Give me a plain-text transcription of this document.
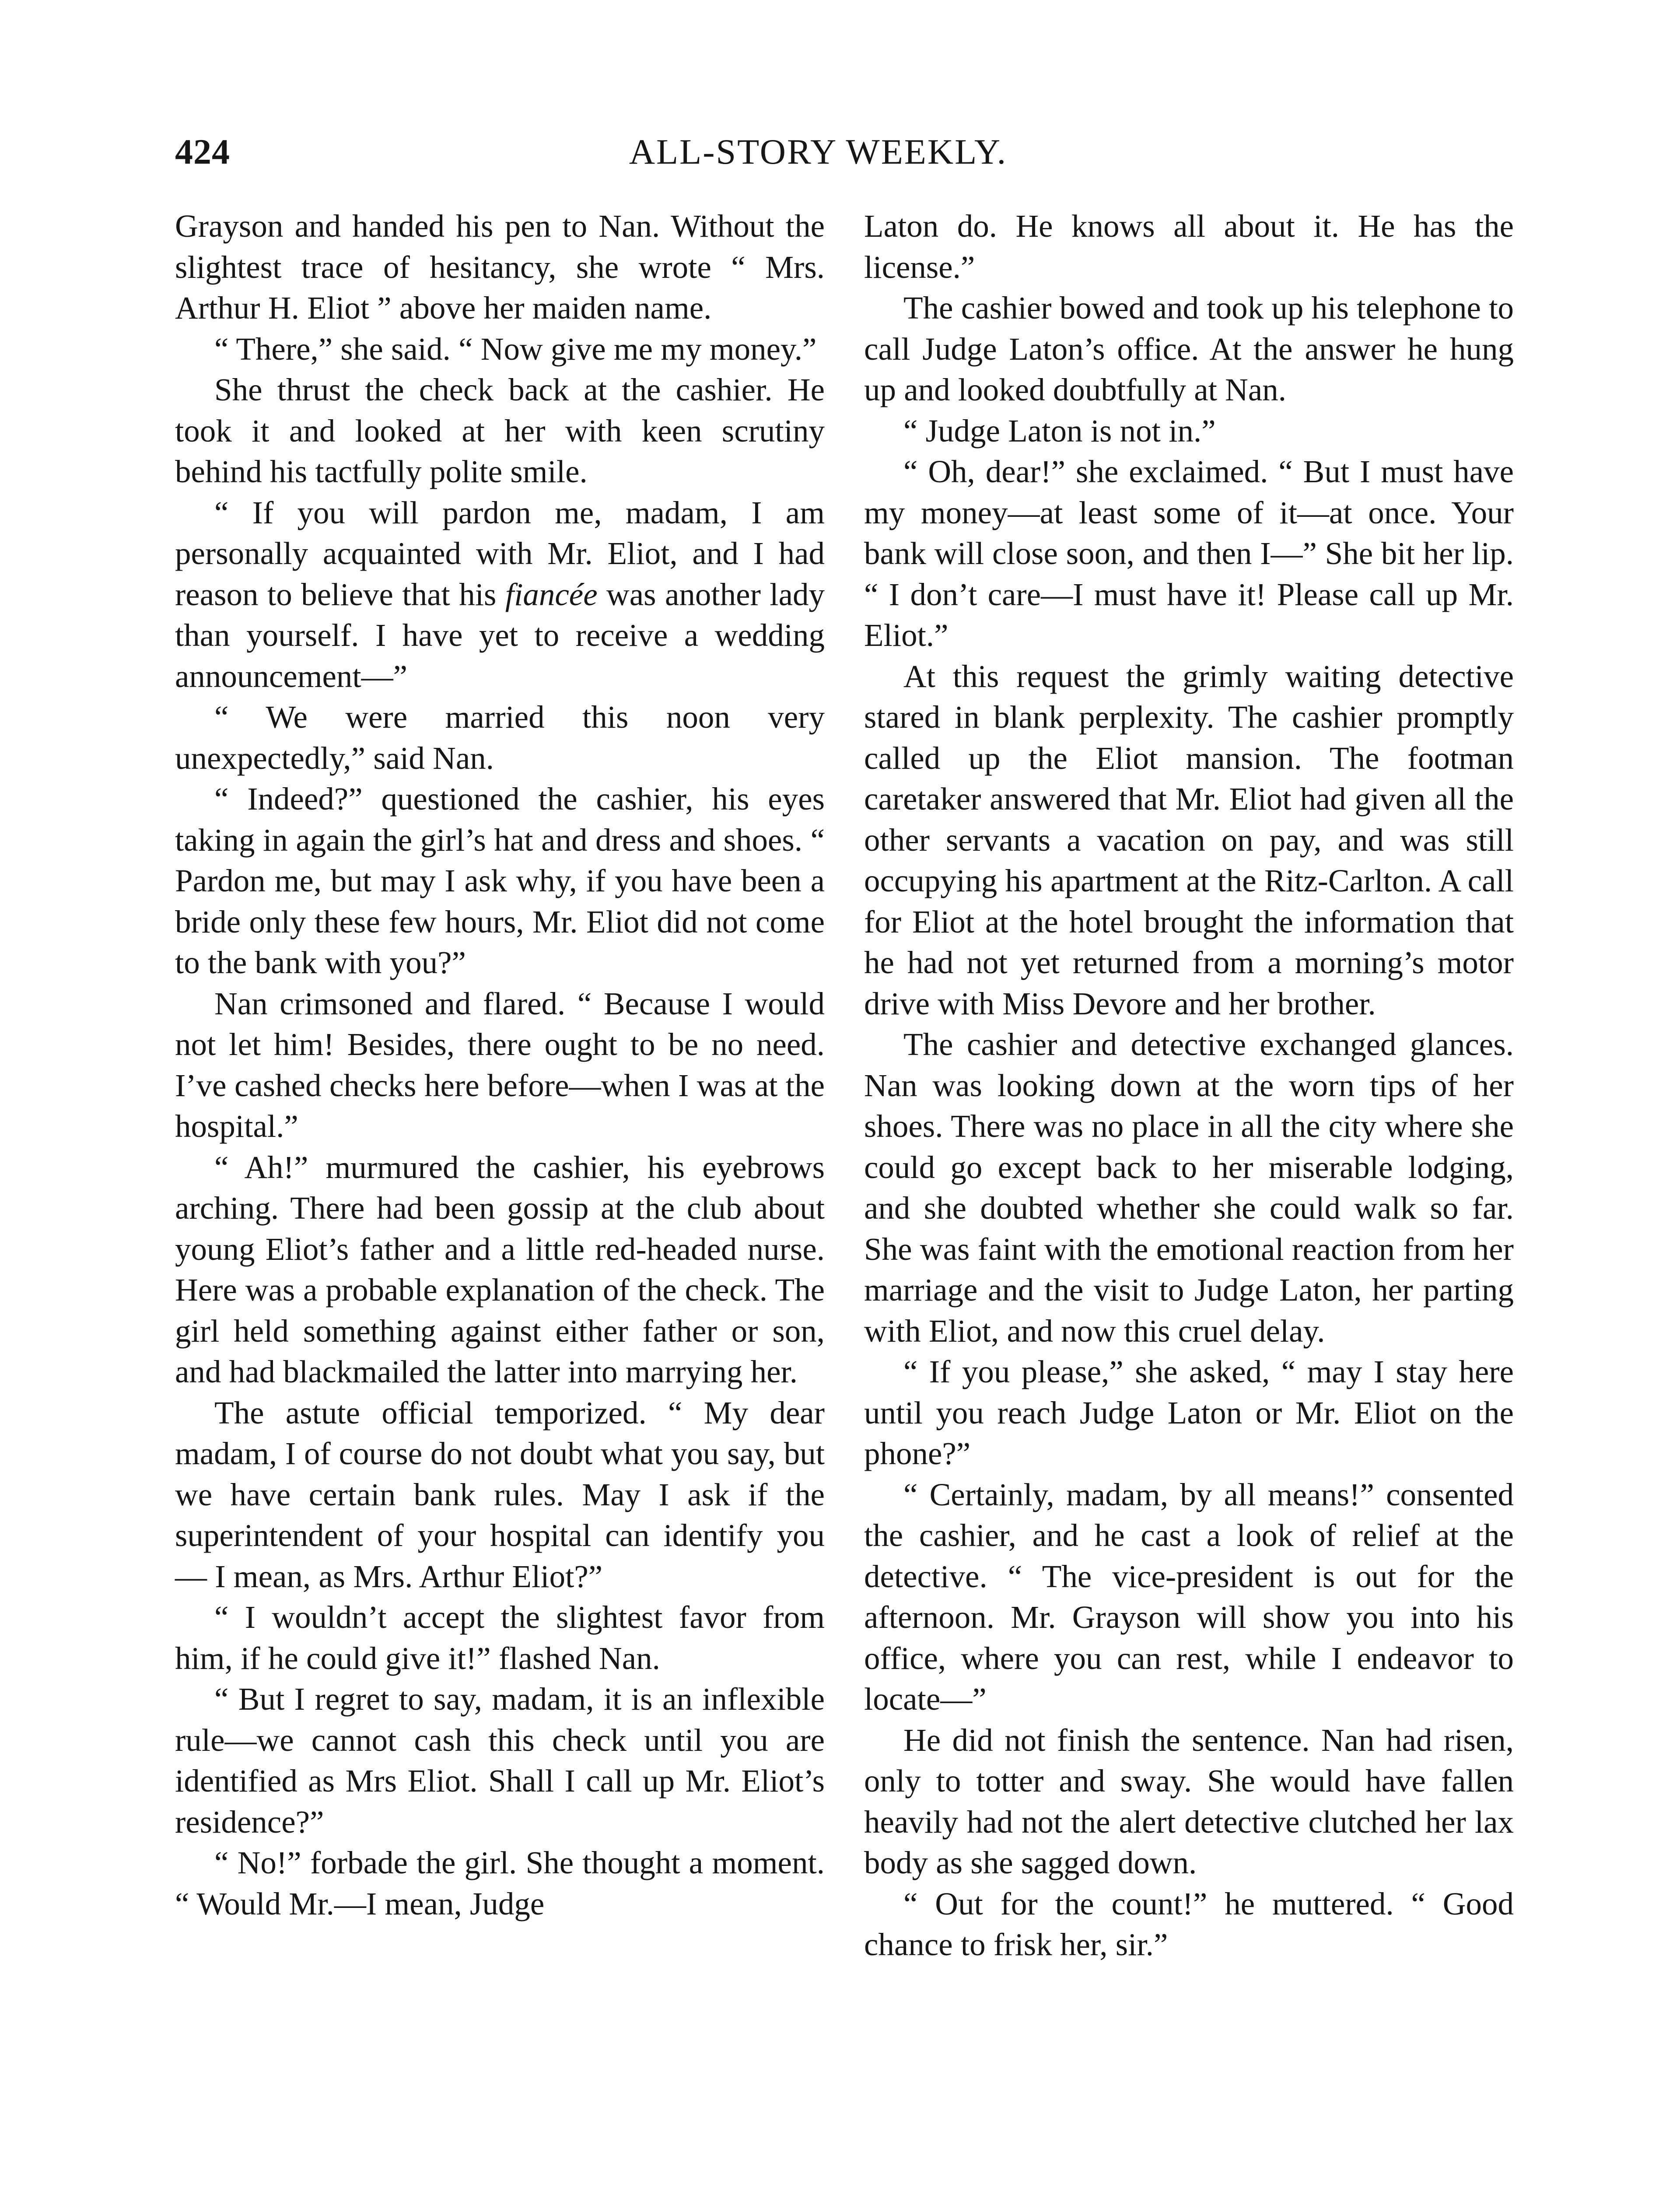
424	ALL-STORY WEEKLY.

Grayson and handed his pen to Nan. Without the slightest trace of hesitancy, she wrote “ Mrs. Arthur H. Eliot ” above her maiden name.

“ There,” she said. “ Now give me my money.”

She thrust the check back at the cashier. He took it and looked at her with keen scrutiny behind his tactfully polite smile.

“ If you will pardon me, madam, I am personally acquainted with Mr. Eliot, and I had reason to believe that his fiancée was another lady than yourself. I have yet to receive a wedding announcement—”

“ We were married this noon very unexpectedly,” said Nan.

“ Indeed?” questioned the cashier, his eyes taking in again the girl’s hat and dress and shoes. “ Pardon me, but may I ask why, if you have been a bride only these few hours, Mr. Eliot did not come to the bank with you?”

Nan crimsoned and flared. “ Because I would not let him! Besides, there ought to be no need. I’ve cashed checks here before—when I was at the hospital.”

“ Ah!” murmured the cashier, his eyebrows arching. There had been gossip at the club about young Eliot’s father and a little red-headed nurse. Here was a probable explanation of the check. The girl held something against either father or son, and had blackmailed the latter into marrying her.

The astute official temporized. “ My dear madam, I of course do not doubt what you say, but we have certain bank rules. May I ask if the superintendent of your hospital can identify you — I mean, as Mrs. Arthur Eliot?”

“ I wouldn’t accept the slightest favor from him, if he could give it!” flashed Nan.

“ But I regret to say, madam, it is an inflexible rule—we cannot cash this check until you are identified as Mrs Eliot. Shall I call up Mr. Eliot’s residence?”

“ No!” forbade the girl. She thought a moment. “ Would Mr.—I mean, Judge

Laton do. He knows all about it. He has the license.”

The cashier bowed and took up his telephone to call Judge Laton’s office. At the answer he hung up and looked doubtfully at Nan.

“ Judge Laton is not in.”

“ Oh, dear!” she exclaimed. “ But I must have my money—at least some of it—at once. Your bank will close soon, and then I—” She bit her lip. “ I don’t care—I must have it! Please call up Mr. Eliot.”

At this request the grimly waiting detective stared in blank perplexity. The cashier promptly called up the Eliot mansion. The footman caretaker answered that Mr. Eliot had given all the other servants a vacation on pay, and was still occupying his apartment at the Ritz-Carlton. A call for Eliot at the hotel brought the information that he had not yet returned from a morning’s motor drive with Miss Devore and her brother.

The cashier and detective exchanged glances. Nan was looking down at the worn tips of her shoes. There was no place in all the city where she could go except back to her miserable lodging, and she doubted whether she could walk so far. She was faint with the emotional reaction from her marriage and the visit to Judge Laton, her parting with Eliot, and now this cruel delay.

“ If you please,” she asked, “ may I stay here until you reach Judge Laton or Mr. Eliot on the phone?”

“ Certainly, madam, by all means!” consented the cashier, and he cast a look of relief at the detective. “ The vice-president is out for the afternoon. Mr. Grayson will show you into his office, where you can rest, while I endeavor to locate—”

He did not finish the sentence. Nan had risen, only to totter and sway. She would have fallen heavily had not the alert detective clutched her lax body as she sagged down.

“ Out for the count!” he muttered. “ Good chance to frisk her, sir.”
